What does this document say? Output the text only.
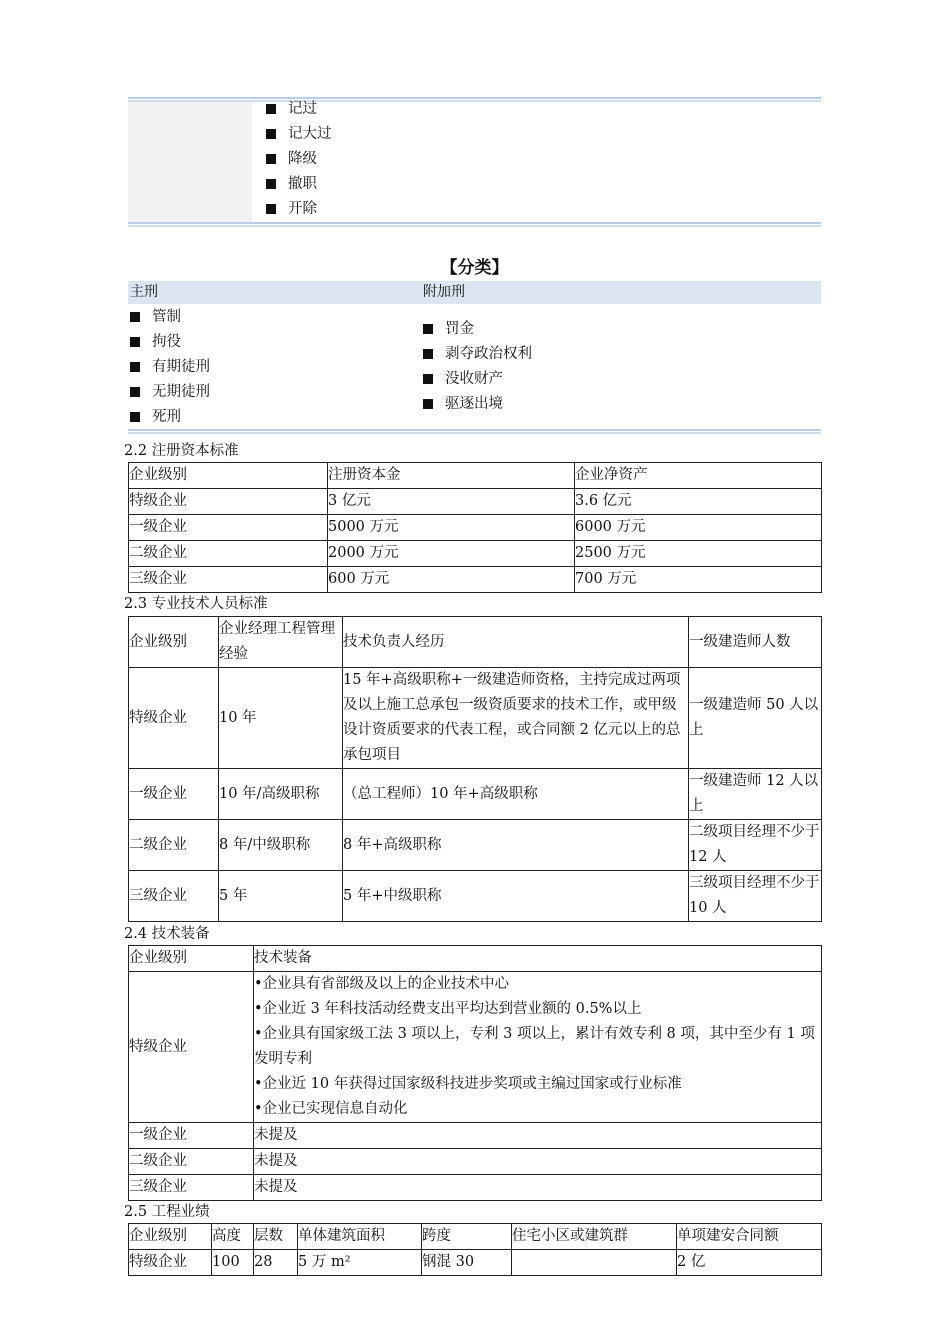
记过
记大过
降级
撤职
开除
【分类】
主刑	附加刑
管制
拘役
有期徒刑
无期徒刑
死刑
罚金
剥夺政治权利
没收财产
驱逐出境
2.2 注册资本标准
企业级别	注册资本金	企业净资产
特级企业	3 亿元	3.6 亿元
一级企业	5000 万元	6000 万元
二级企业	2000 万元	2500 万元
三级企业	600 万元	700 万元
2.3 专业技术人员标准
企业级别	企业经理工程管理经验	技术负责人经历	一级建造师人数
特级企业	10 年	15 年+高级职称+一级建造师资格，主持完成过两项及以上施工总承包一级资质要求的技术工作，或甲级设计资质要求的代表工程，或合同额 2 亿元以上的总承包项目	一级建造师 50 人以上
一级企业	10 年/高级职称	（总工程师）10 年+高级职称	一级建造师 12 人以上
二级企业	8 年/中级职称	8 年+高级职称	二级项目经理不少于 12 人
三级企业	5 年	5 年+中级职称	三级项目经理不少于 10 人
2.4 技术装备
企业级别	技术装备
特级企业	•企业具有省部级及以上的企业技术中心
•企业近 3 年科技活动经费支出平均达到营业额的 0.5%以上
•企业具有国家级工法 3 项以上，专利 3 项以上，累计有效专利 8 项，其中至少有 1 项发明专利
•企业近 10 年获得过国家级科技进步奖项或主编过国家或行业标准
•企业已实现信息自动化

一级企业	未提及
二级企业	未提及
三级企业	未提及
2.5 工程业绩
企业级别	高度	层数	单体建筑面积	跨度	住宅小区或建筑群	单项建安合同额
特级企业	100	28	5 万 m²	钢混 30		2 亿
